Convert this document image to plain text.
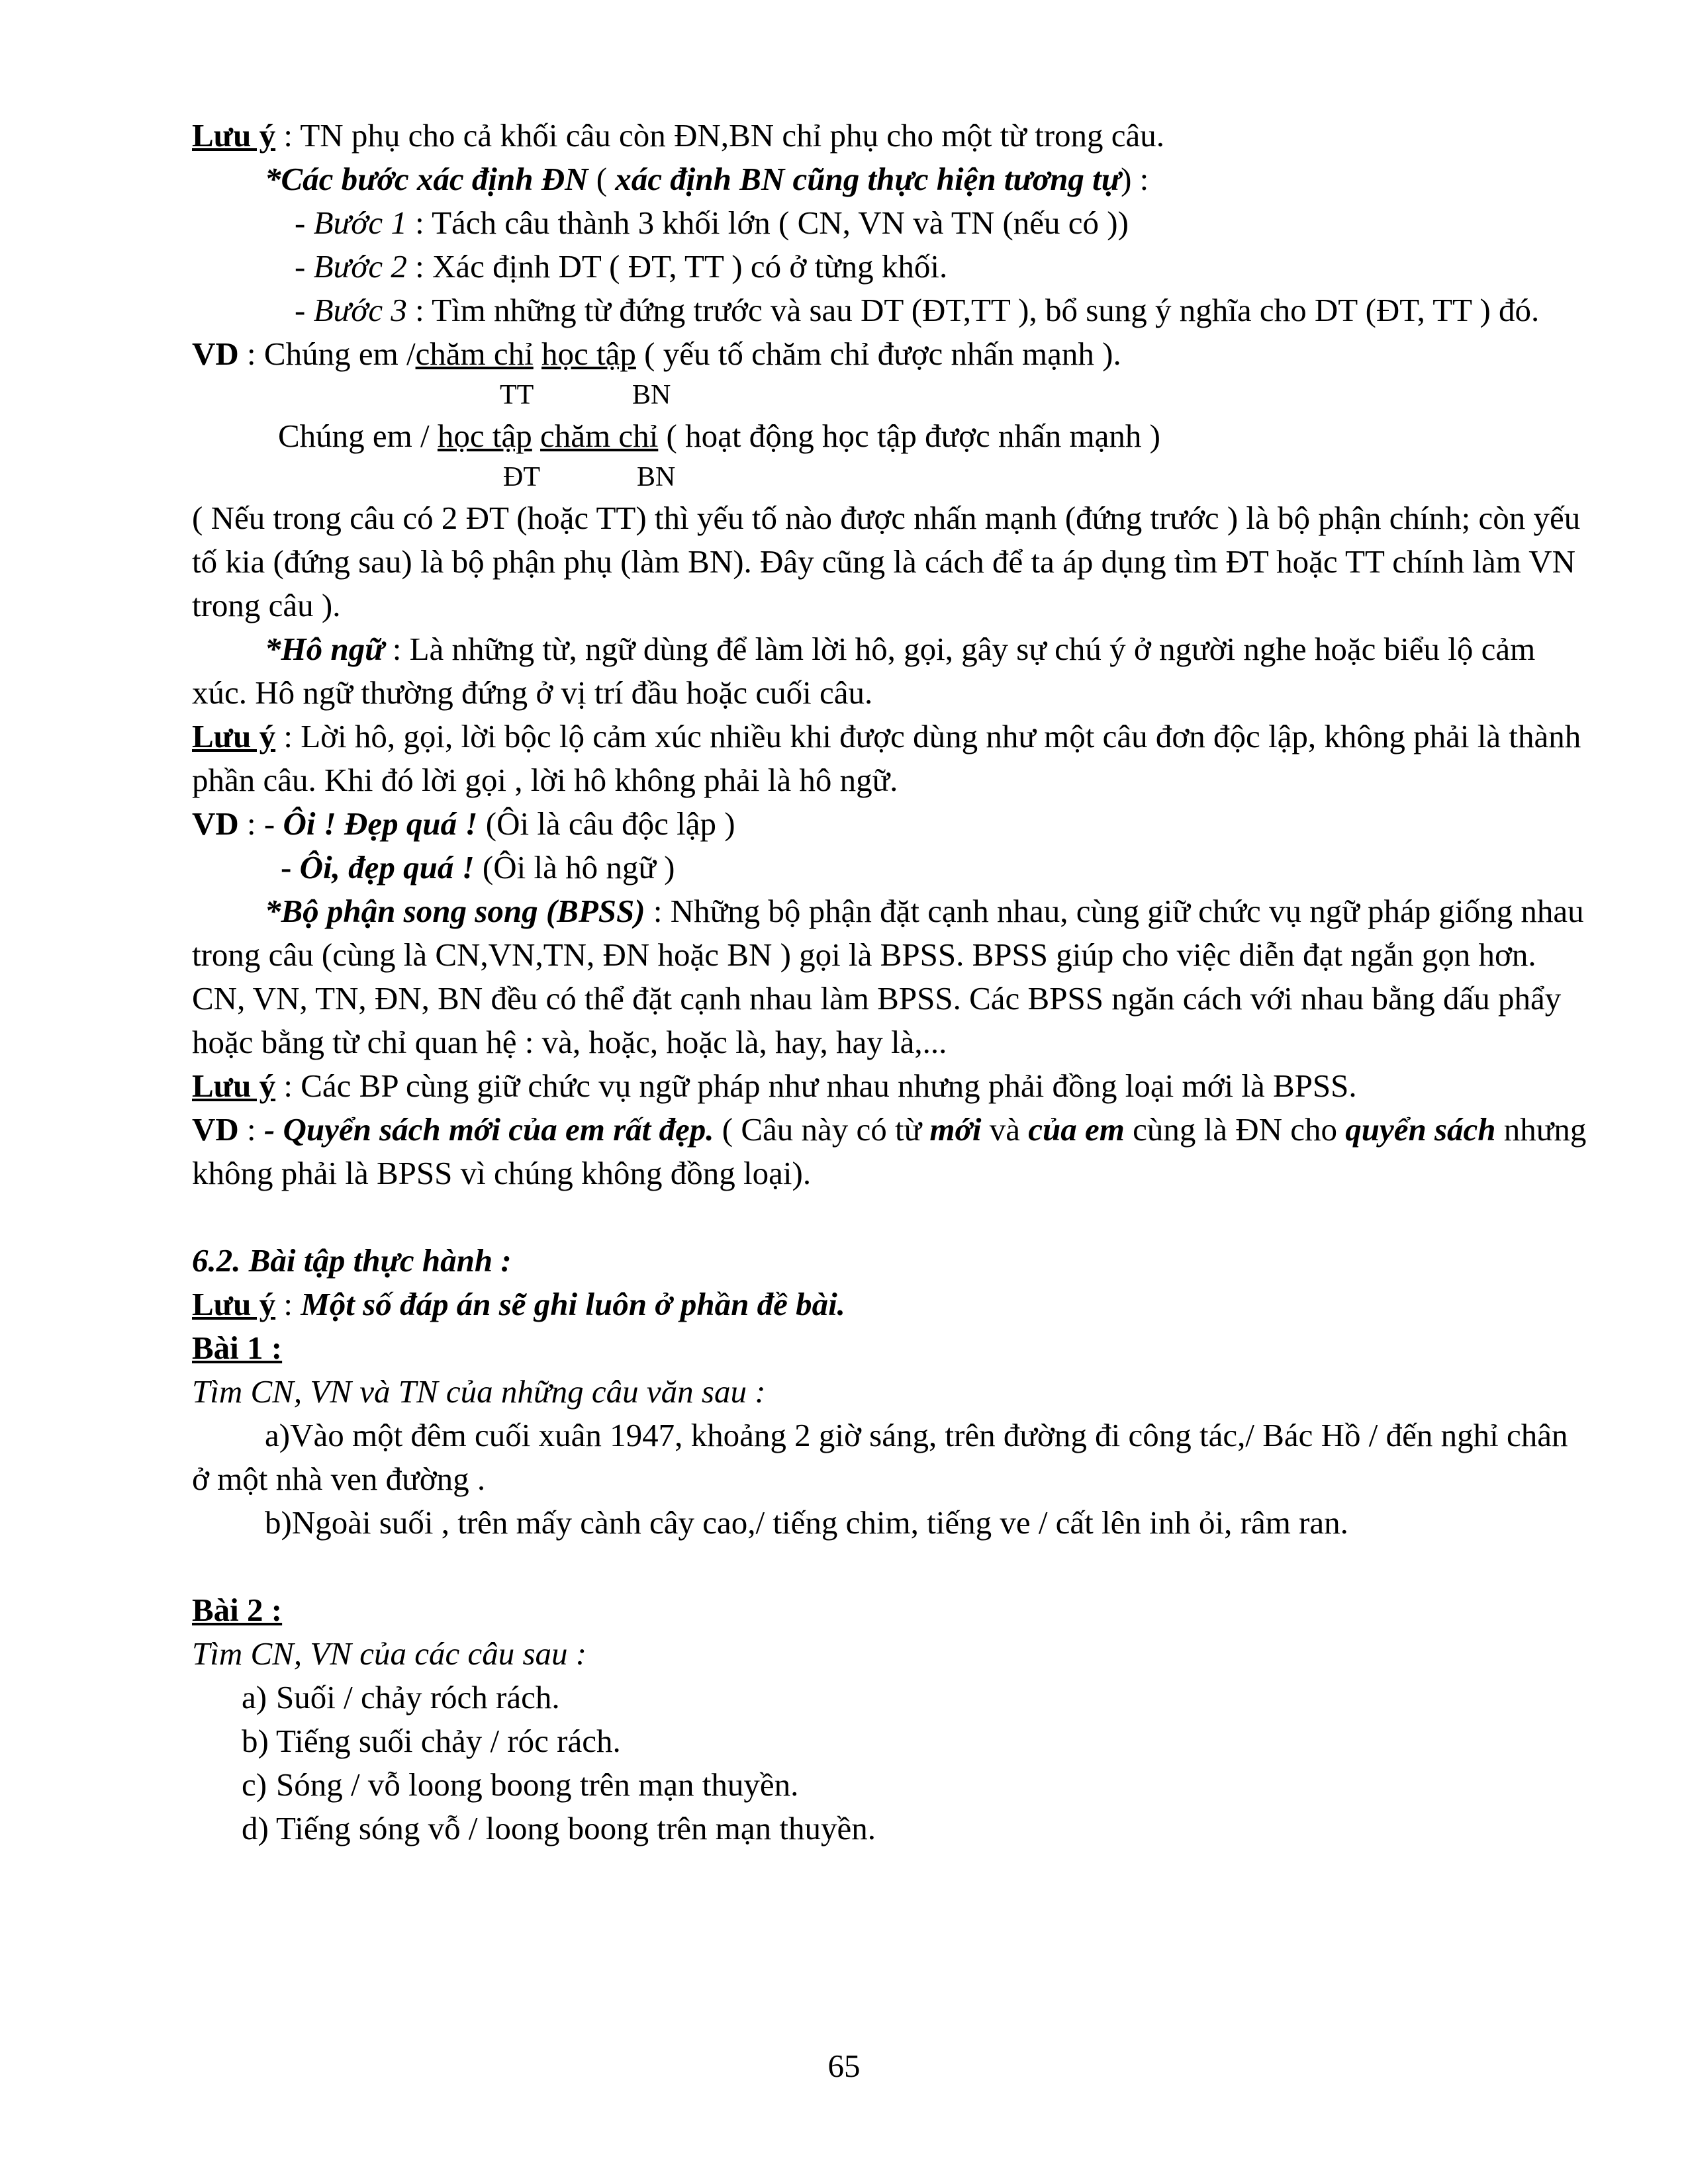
Lưu ý : TN phụ cho cả khối câu còn ĐN,BN chỉ phụ cho một từ trong câu.

*Các bước xác định ĐN ( xác định BN cũng thực hiện tương tự) :

- Bước 1 : Tách câu thành 3 khối lớn ( CN, VN và TN (nếu có ))

- Bước 2 : Xác định DT ( ĐT, TT ) có ở từng khối.

- Bước 3 : Tìm những từ đứng trước và sau DT (ĐT,TT ), bổ sung ý nghĩa cho DT (ĐT, TT ) đó.

VD : Chúng em /chăm chỉ học tập ( yếu tố chăm chỉ được nhấn mạnh ).
TT	BN
Chúng em / học tập chăm chỉ ( hoạt động học tập được nhấn mạnh )
ĐT	BN

( Nếu trong câu có 2 ĐT (hoặc TT) thì yếu tố nào được nhấn mạnh (đứng trước ) là bộ phận chính; còn yếu tố kia (đứng sau) là bộ phận phụ (làm BN). Đây cũng là cách để ta áp dụng tìm ĐT hoặc TT chính làm VN trong câu ).

*Hô ngữ : Là những từ, ngữ dùng để làm lời hô, gọi, gây sự chú ý ở người nghe hoặc biểu lộ cảm xúc. Hô ngữ thường đứng ở vị trí đầu hoặc cuối câu.

Lưu ý : Lời hô, gọi, lời bộc lộ cảm xúc nhiều khi được dùng như một câu đơn độc lập, không phải là thành phần câu. Khi đó lời gọi , lời hô không phải là hô ngữ.

VD : - Ôi ! Đẹp quá ! (Ôi là câu độc lập )
- Ôi, đẹp quá ! (Ôi là hô ngữ )

*Bộ phận song song (BPSS) : Những bộ phận đặt cạnh nhau, cùng giữ chức vụ ngữ pháp giống nhau trong câu (cùng là CN,VN,TN, ĐN hoặc BN ) gọi là BPSS. BPSS giúp cho việc diễn đạt ngắn gọn hơn. CN, VN, TN, ĐN, BN đều có thể đặt cạnh nhau làm BPSS. Các BPSS ngăn cách với nhau bằng dấu phẩy hoặc bằng từ chỉ quan hệ : và, hoặc, hoặc là, hay, hay là,...

Lưu ý : Các BP cùng giữ chức vụ ngữ pháp như nhau nhưng phải đồng loại mới là BPSS.

VD : - Quyển sách mới của em rất đẹp. ( Câu này có từ mới và của em cùng là ĐN cho quyển sách nhưng không phải là BPSS vì chúng không đồng loại).

6.2. Bài tập thực hành :

Lưu ý : Một số đáp án sẽ ghi luôn ở phần đề bài.

Bài 1 :

Tìm CN, VN và TN của những câu văn sau :

a)Vào một đêm cuối xuân 1947, khoảng 2 giờ sáng, trên đường đi công tác,/ Bác Hồ / đến nghỉ chân ở một nhà ven đường .

b)Ngoài suối , trên mấy cành cây cao,/ tiếng chim, tiếng ve / cất lên inh ỏi, râm ran.

Bài 2 :

Tìm CN, VN của các câu sau :

a) Suối / chảy róch rách.
b) Tiếng suối chảy / róc rách.
c) Sóng / vỗ loong boong trên mạn thuyền.
d) Tiếng sóng vỗ / loong boong trên mạn thuyền.
65
